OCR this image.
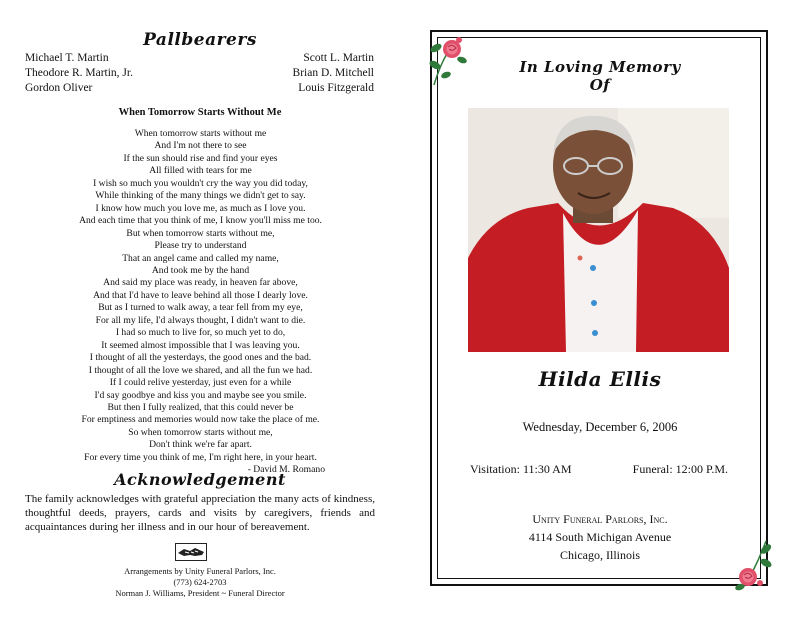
Pallbearers
Michael T. Martin
Theodore R. Martin, Jr.
Gordon Oliver
Scott L. Martin
Brian D. Mitchell
Louis Fitzgerald
When Tomorrow Starts Without Me
When tomorrow starts without me
And I'm not there to see
If the sun should rise and find your eyes
All filled with tears for me
I wish so much you wouldn't cry the way you did today,
While thinking of the many things we didn't get to say.
I know how much you love me, as much as I love you.
And each time that you think of me, I know you'll miss me too.
But when tomorrow starts without me,
Please try to understand
That an angel came and called my name,
And took me by the hand
And said my place was ready, in heaven far above,
And that I'd have to leave behind all those I dearly love.
But as I turned to walk away, a tear fell from my eye,
For all my life, I'd always thought, I didn't want to die.
I had so much to live for, so much yet to do,
It seemed almost impossible that I was leaving you.
I thought of all the yesterdays, the good ones and the bad.
I thought of all the love we shared, and all the fun we had.
If I could relive yesterday, just even for a while
I'd say goodbye and kiss you and maybe see you smile.
But then I fully realized, that this could never be
For emptiness and memories would now take the place of me.
So when tomorrow starts without me,
Don't think we're far apart.
For every time you think of me, I'm right here, in your heart.
- David M. Romano
Acknowledgement
The family acknowledges with grateful appreciation the many acts of kindness, thoughtful deeds, prayers, cards and visits by caregivers, friends and acquaintances during her illness and in our hour of bereavement.
Arrangements by Unity Funeral Parlors, Inc.
(773) 624-2703
Norman J. Williams, President ~ Funeral Director
In Loving Memory
Of
Hilda Ellis
Wednesday, December 6, 2006
Visitation: 11:30 AM	Funeral: 12:00 P.M.
Unity Funeral Parlors, Inc.
4114 South Michigan Avenue
Chicago, Illinois
